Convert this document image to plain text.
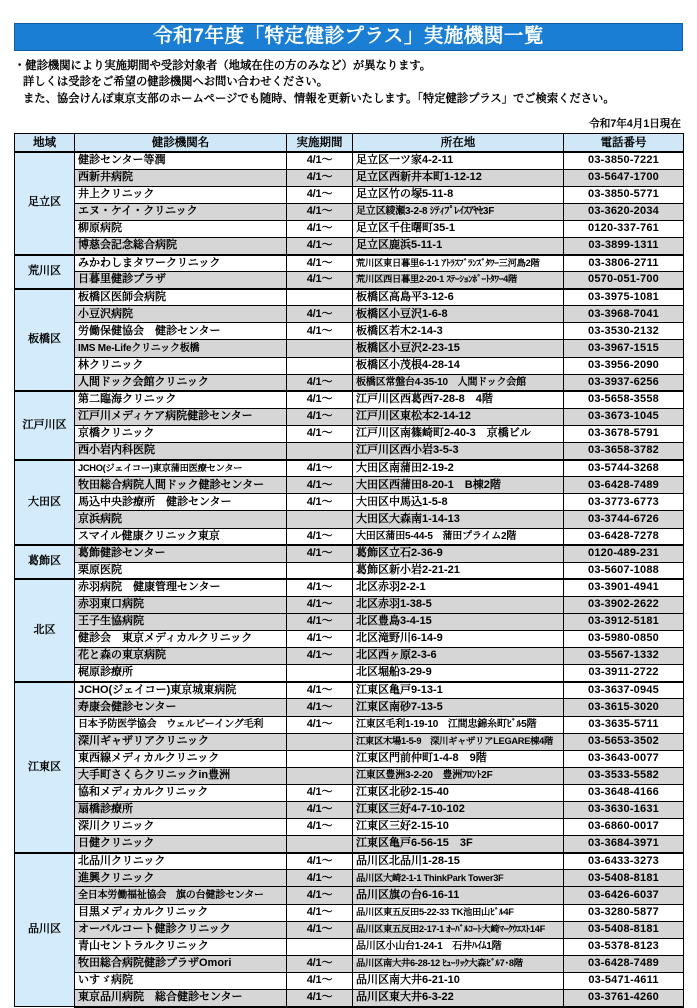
令和7年度「特定健診プラス」実施機関一覧
・健診機関により実施期間や受診対象者（地域在住の方のみなど）が異なります。
詳しくは受診をご希望の健診機関へお問い合わせください。
また、協会けんぽ東京支部のホームページでも随時、情報を更新いたします。「特定健診プラス」でご検索ください。
令和7年4月1日現在
地域	健診機関名	実施期間	所在地	電話番号
足立区	健診センター等潤	4/1～	足立区一ツ家4-2-11	03-3850-7221
	西新井病院	4/1～	足立区西新井本町1-12-12	03-5647-1700
	井上クリニック	4/1～	足立区竹の塚5-11-8	03-3850-5771
	エヌ・ケイ・クリニック	4/1～	足立区綾瀬3-2-8 ｼﾃｨﾌﾟﾚｲｽｱﾔｾ3F	03-3620-2034
	柳原病院	4/1～	足立区千住曙町35-1	0120-337-761
	博慈会記念総合病院	4/1～	足立区鹿浜5-11-1	03-3899-1311
荒川区	みかわしまタワークリニック	4/1～	荒川区東日暮里6-1-1 ｱﾄﾗｽﾌﾞﾗﾝｽﾞﾀﾜｰ三河島2階	03-3806-2711
	日暮里健診プラザ	4/1～	荒川区西日暮里2-20-1 ｽﾃｰｼｮﾝﾎﾟｰﾄﾀﾜｰ4階	0570-051-700
板橋区	板橋区医師会病院		板橋区高島平3-12-6	03-3975-1081
	小豆沢病院	4/1～	板橋区小豆沢1-6-8	03-3968-7041
	労働保健協会　健診センター	4/1～	板橋区若木2-14-3	03-3530-2132
	IMS Me-Lifeクリニック板橋		板橋区小豆沢2-23-15	03-3967-1515
	林クリニック		板橋区小茂根4-28-14	03-3956-2090
	人間ドック会館クリニック	4/1～	板橋区常盤台4-35-10　人間ドック会館	03-3937-6256
江戸川区	第二臨海クリニック	4/1～	江戸川区西葛西7-28-8　4階	03-5658-3558
	江戸川メディケア病院健診センター	4/1～	江戸川区東松本2-14-12	03-3673-1045
	京橋クリニック	4/1～	江戸川区南篠崎町2-40-3　京橋ビル	03-3678-5791
	西小岩内科医院		江戸川区西小岩3-5-3	03-3658-3782
大田区	JCHO(ジェイコー)東京蒲田医療センター	4/1～	大田区南蒲田2-19-2	03-5744-3268
	牧田総合病院人間ドック健診センター	4/1～	大田区西蒲田8-20-1　B棟2階	03-6428-7489
	馬込中央診療所　健診センター	4/1～	大田区中馬込1-5-8	03-3773-6773
	京浜病院		大田区大森南1-14-13	03-3744-6726
	スマイル健康クリニック東京	4/1～	大田区蒲田5-44-5　蒲田プライム2階	03-6428-7278
葛飾区	葛飾健診センター	4/1～	葛飾区立石2-36-9	0120-489-231
	栗原医院		葛飾区新小岩2-21-21	03-5607-1088
北区	赤羽病院　健康管理センター	4/1～	北区赤羽2-2-1	03-3901-4941
	赤羽東口病院	4/1～	北区赤羽1-38-5	03-3902-2622
	王子生協病院	4/1～	北区豊島3-4-15	03-3912-5181
	健診会　東京メディカルクリニック	4/1～	北区滝野川6-14-9	03-5980-0850
	花と森の東京病院	4/1～	北区西ヶ原2-3-6	03-5567-1332
	梶原診療所		北区堀船3-29-9	03-3911-2722
江東区	JCHO(ジェイコー)東京城東病院	4/1～	江東区亀戸9-13-1	03-3637-0945
	寿康会健診センター	4/1～	江東区南砂7-13-5	03-3615-3020
	日本予防医学協会　ウェルビーイング毛利	4/1～	江東区毛利1-19-10　江間忠錦糸町ﾋﾞﾙ5階	03-3635-5711
	深川ギャザリアクリニック		江東区木場1-5-9　深川ギャザリアLEGARE棟4階	03-5653-3502
	東西線メディカルクリニック		江東区門前仲町1-4-8　9階	03-3643-0077
	大手町さくらクリニックin豊洲		江東区豊洲3-2-20　豊洲ﾌﾛﾝﾄ2F	03-3533-5582
	協和メディカルクリニック	4/1～	江東区北砂2-15-40	03-3648-4166
	扇橋診療所	4/1～	江東区三好4-7-10-102	03-3630-1631
	深川クリニック	4/1～	江東区三好2-15-10	03-6860-0017
	日健クリニック		江東区亀戸6-56-15　3F	03-3684-3971
品川区	北品川クリニック	4/1～	品川区北品川1-28-15	03-6433-3273
	進興クリニック	4/1～	品川区大崎2-1-1 ThinkPark Tower3F	03-5408-8181
	全日本労働福祉協会　旗の台健診センター	4/1～	品川区旗の台6-16-11	03-6426-6037
	目黒メディカルクリニック	4/1～	品川区東五反田5-22-33 TK池田山ﾋﾞﾙ4F	03-3280-5877
	オーバルコート健診クリニック	4/1～	品川区東五反田2-17-1 ｵｰﾊﾞﾙｺｰﾄ大崎ﾏｰｸｳｴｽﾄ14F	03-5408-8181
	青山セントラルクリニック		品川区小山台1-24-1　石井ﾊｲﾑ1階	03-5378-8123
	牧田総合病院健診プラザOmori	4/1～	品川区南大井6-28-12 ﾋｭｰﾘｯｸ大森ﾋﾞﾙ7･8階	03-6428-7489
	いすゞ病院	4/1～	品川区南大井6-21-10	03-5471-4611
	東京品川病院　総合健診センター	4/1～	品川区東大井6-3-22	03-3761-4260
